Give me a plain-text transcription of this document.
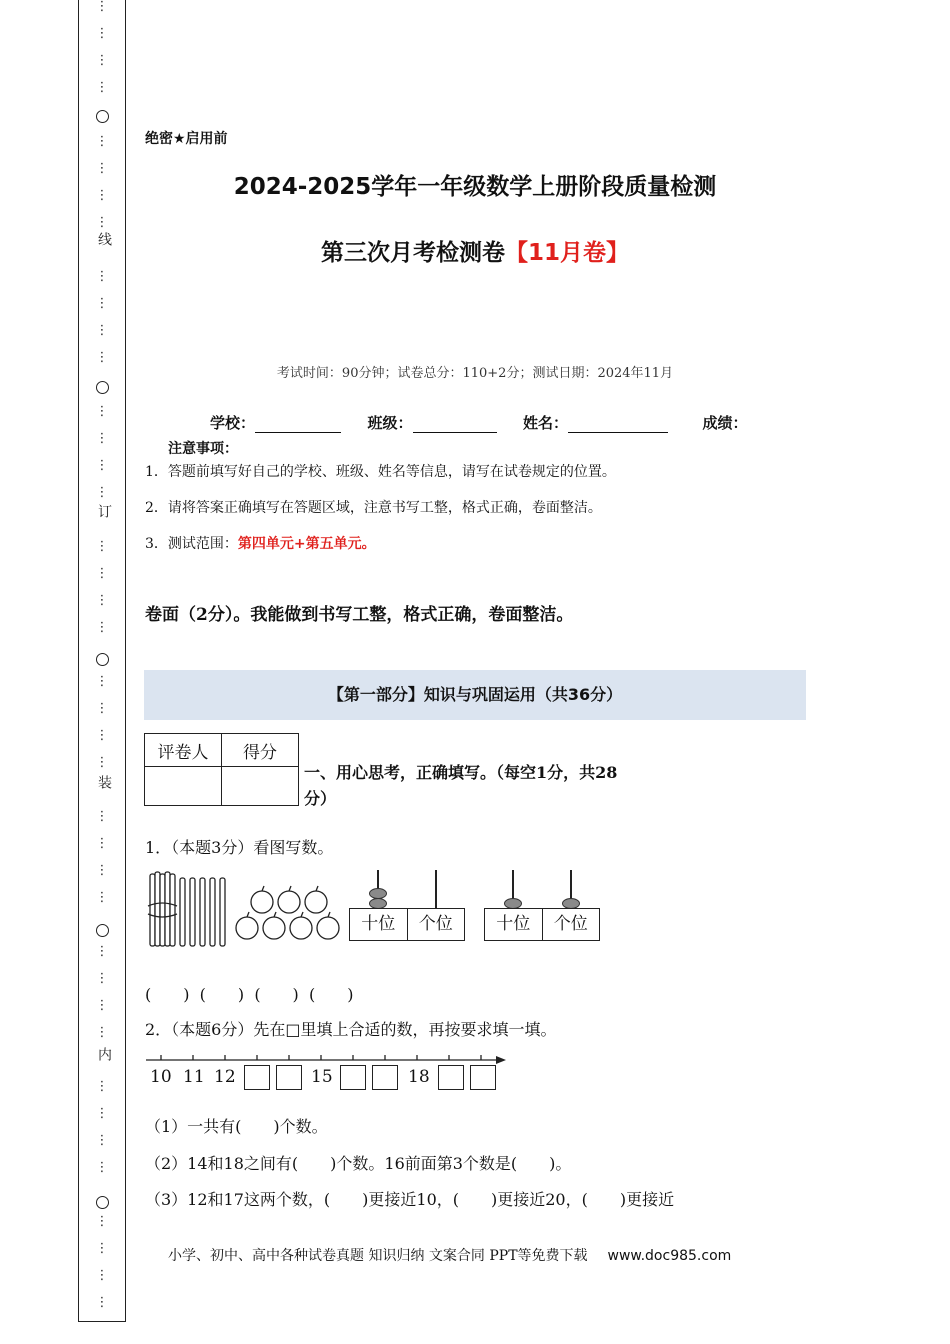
⋮
⋮
⋮
⋮
⋮
⋮
⋮
⋮
⋮
⋮
⋮
⋮
⋮
⋮
⋮
⋮
⋮
⋮
⋮
⋮
⋮
⋮
⋮
⋮
⋮
⋮
⋮
⋮
⋮
⋮
⋮
⋮
⋮
⋮
⋮
⋮
⋮
⋮
⋮
⋮
线
订
装
内
绝密★启用前
2024-2025学年一年级数学上册阶段质量检测
第三次月考检测卷【11月卷】
考试时间：90分钟；试卷总分：110+2分；测试日期：2024年11月
学校：	班级：	姓名：	成绩：
注意事项：
1．答题前填写好自己的学校、班级、姓名等信息，请写在试卷规定的位置。
2．请将答案正确填写在答题区域，注意书写工整，格式正确，卷面整洁。
3．测试范围：第四单元+第五单元。
卷面（2分）。我能做到书写工整，格式正确，卷面整洁。
【第一部分】知识与巩固运用（共36分）
评卷人	得分

一、用心思考，正确填写。（每空1分，共28
分）
1．（本题3分）看图写数。
十位	个位	十位	个位
(　　)  (　　)  (　　)  (　　)
2．（本题6分）先在□里填上合适的数，再按要求填一填。
10 11 12	15	18
（1）一共有(　　)个数。
（2）14和18之间有(　　)个数。16前面第3个数是(　　)。
（3）12和17这两个数，(　　)更接近10，(　　)更接近20，(　　)更接近
小学、初中、高中各种试卷真题 知识归纳 文案合同 PPT等免费下载 www.doc985.com
